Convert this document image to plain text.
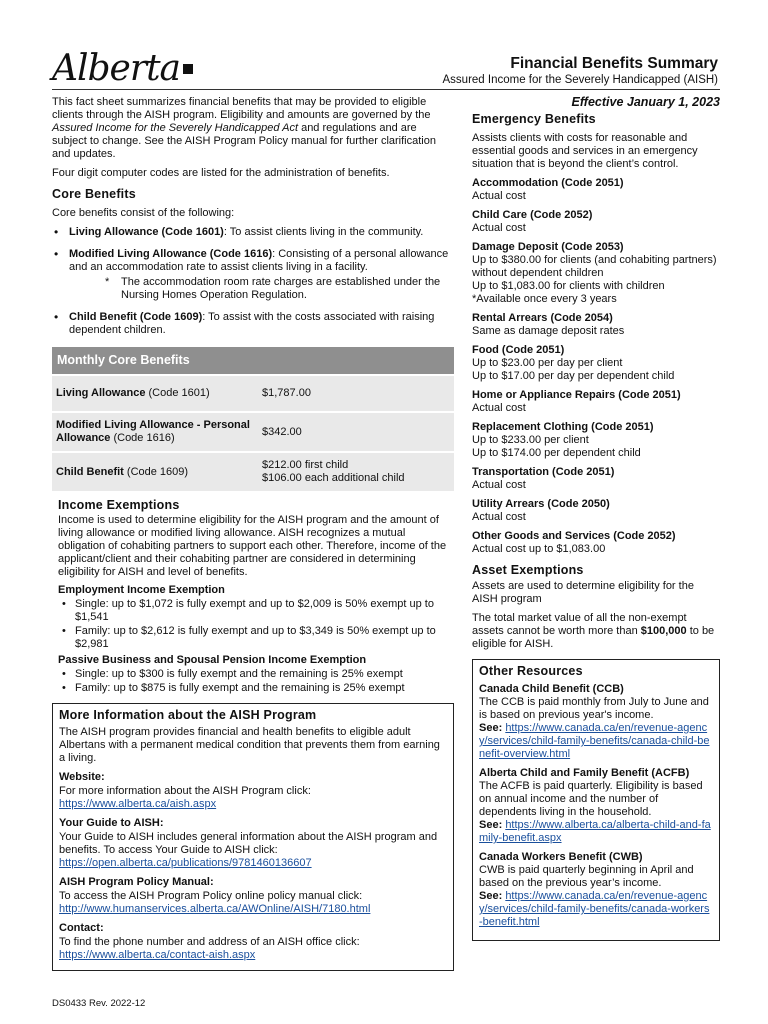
Alberta	Financial Benefits Summary
Assured Income for the Severely Handicapped (AISH)

This fact sheet summarizes financial benefits that may be provided to eligible clients through the AISH program. Eligibility and amounts are governed by the Assured Income for the Severely Handicapped Act and regulations and are subject to change. See the AISH Program Policy manual for further clarification and updates.

Four digit computer codes are listed for the administration of benefits.

Core Benefits

Core benefits consist of the following:

• Living Allowance (Code 1601): To assist clients living in the community.
• Modified Living Allowance (Code 1616): Consisting of a personal allowance and an accommodation rate to assist clients living in a facility.
* The accommodation room rate charges are established under the Nursing Homes Operation Regulation.
• Child Benefit (Code 1609): To assist with the costs associated with raising dependent children.
Monthly Core Benefits	
Living Allowance (Code 1601)	$1,787.00
Modified Living Allowance - Personal Allowance (Code 1616)	$342.00
Child Benefit (Code 1609)	$212.00 first child
$106.00 each additional child
Income Exemptions

Income is used to determine eligibility for the AISH program and the amount of living allowance or modified living allowance. AISH recognizes a mutual obligation of cohabiting partners to support each other. Therefore, income of the applicant/client and their cohabiting partner are considered in determining eligibility for AISH and level of benefits.

Employment Income Exemption
• Single: up to $1,072 is fully exempt and up to $2,009 is 50% exempt up to $1,541
• Family: up to $2,612 is fully exempt and up to $3,349 is 50% exempt up to $2,981
Passive Business and Spousal Pension Income Exemption
• Single: up to $300 is fully exempt and the remaining is 25% exempt
• Family: up to $875 is fully exempt and the remaining is 25% exempt
More Information about the AISH Program

The AISH program provides financial and health benefits to eligible adult Albertans with a permanent medical condition that prevents them from earning a living.

Website:

For more information about the AISH Program click: https://www.alberta.ca/aish.aspx

Your Guide to AISH:

Your Guide to AISH includes general information about the AISH program and benefits. To access Your Guide to AISH click: https://open.alberta.ca/publications/9781460136607

AISH Program Policy Manual:

To access the AISH Program Policy online policy manual click: http://www.humanservices.alberta.ca/AWOnline/AISH/7180.html

Contact:

To find the phone number and address of an AISH office click: https://www.alberta.ca/contact-aish.aspx

Effective January 1, 2023
Emergency Benefits

Assists clients with costs for reasonable and essential goods and services in an emergency situation that is beyond the client’s control.

Accommodation (Code 2051)
Actual cost
Child Care (Code 2052)
Actual cost
Damage Deposit (Code 2053)
Up to $380.00 for clients (and cohabiting partners) without dependent children
Up to $1,083.00 for clients with children
*Available once every 3 years
Rental Arrears (Code 2054)
Same as damage deposit rates
Food (Code 2051)
Up to $23.00 per day per client
Up to $17.00 per day per dependent child
Home or Appliance Repairs (Code 2051)
Actual cost
Replacement Clothing (Code 2051)
Up to $233.00 per client
Up to $174.00 per dependent child
Transportation (Code 2051)
Actual cost
Utility Arrears (Code 2050)
Actual cost
Other Goods and Services (Code 2052)
Actual cost up to $1,083.00
Asset Exemptions

Assets are used to determine eligibility for the AISH program

The total market value of all the non-exempt assets cannot be worth more than $100,000 to be eligible for AISH.

Other Resources
Canada Child Benefit (CCB)
The CCB is paid monthly from July to June and is based on previous year's income.
See: https://www.canada.ca/en/revenue-agency/services/child-family-benefits/canada-child-benefit-overview.html
Alberta Child and Family Benefit (ACFB)
The ACFB is paid quarterly. Eligibility is based on annual income and the number of dependents living in the household.
See: https://www.alberta.ca/alberta-child-and-family-benefit.aspx
Canada Workers Benefit (CWB)
CWB is paid quarterly beginning in April and based on the previous year’s income.
See: https://www.canada.ca/en/revenue-agency/services/child-family-benefits/canada-workers-benefit.html
DS0433 Rev. 2022-12
